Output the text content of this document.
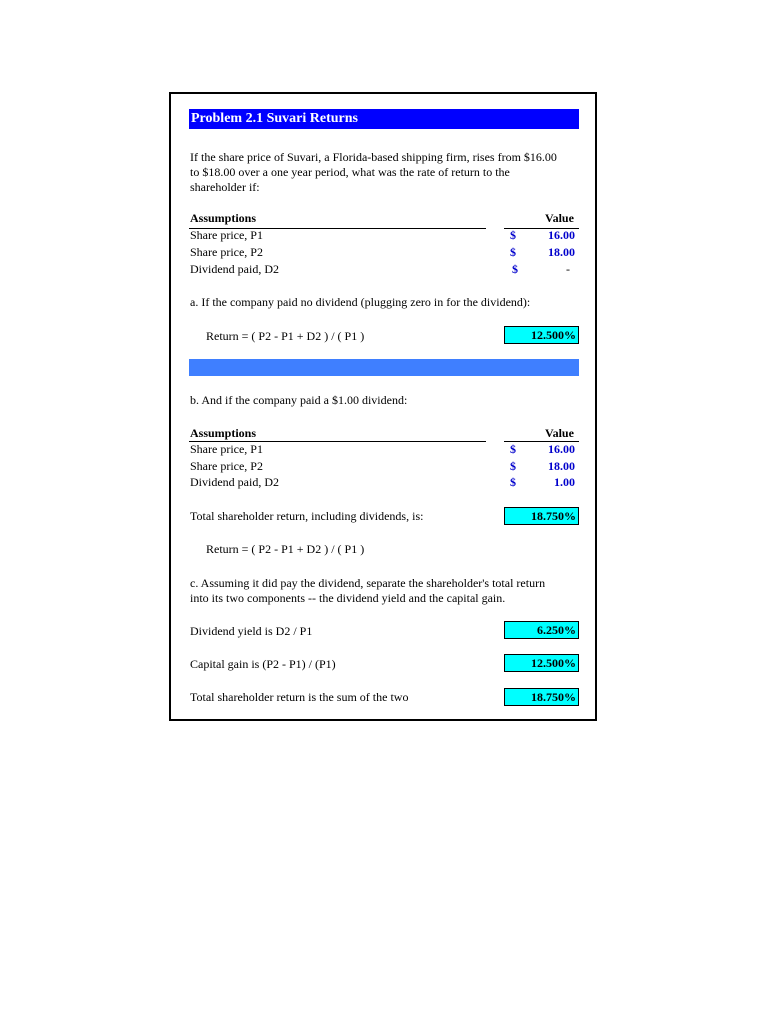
Problem 2.1 Suvari Returns
If the share price of Suvari, a Florida-based shipping firm, rises from $16.00
to $18.00 over a one year period, what was the rate of return to the
shareholder if:
Assumptions	Value
Share price, P1	$	16.00
Share price, P2	$	18.00
Dividend paid, D2	$	-
a. If the company paid no dividend (plugging zero in for the dividend):
Return = ( P2 - P1 + D2 ) / ( P1 )	12.500%
b. And if the company paid a $1.00 dividend:
Assumptions	Value
Share price, P1	$	16.00
Share price, P2	$	18.00
Dividend paid, D2	$	1.00
Total shareholder return, including dividends, is:	18.750%
Return = ( P2 - P1 + D2 ) / ( P1 )
c. Assuming it did pay the dividend, separate the shareholder's total return
into its two components -- the dividend yield and the capital gain.
Dividend yield is D2 / P1	6.250%
Capital gain is (P2 - P1) / (P1)	12.500%
Total shareholder return is the sum of the two	18.750%
